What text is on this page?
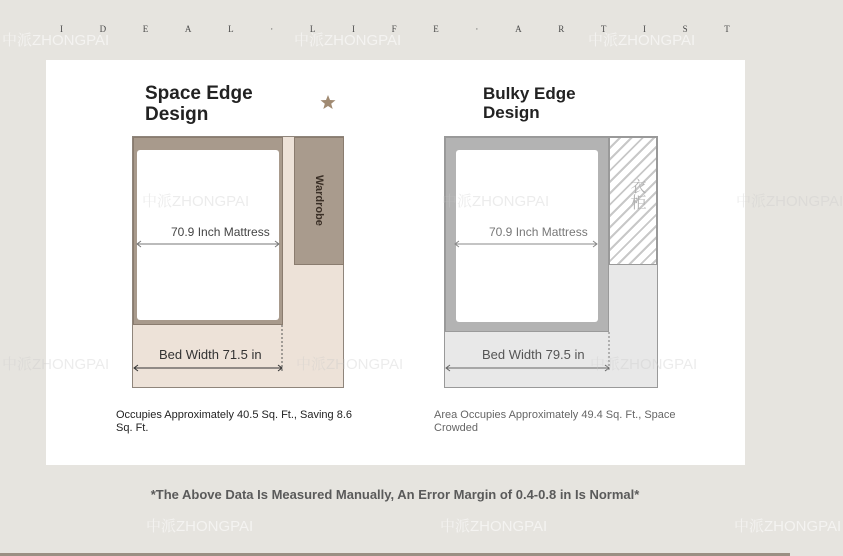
I	D	E	A	L	·	L	I	F	E	·	A	R	T	I	S	T
中派ZHONGPAI	中派ZHONGPAI	中派ZHONGPAI
中派ZHONGPAI	中派ZHONGPAI	中派ZHONGPAI
Space Edge
Design
Wardrobe
70.9 Inch Mattress
Bed Width 71.5 in
Occupies Approximately 40.5 Sq. Ft., Saving 8.6 Sq. Ft.
Bulky Edge
Design
衣柜
70.9 Inch Mattress
Bed Width 79.5 in
Area Occupies Approximately 49.4 Sq. Ft., Space Crowded
中派ZHONGPAI	中派ZHONGPAI	中派ZHONGPAI
中派ZHONGPAI	中派ZHONGPAI	中派ZHONGPAI
*The Above Data Is Measured Manually, An Error Margin of 0.4-0.8 in Is Normal*
